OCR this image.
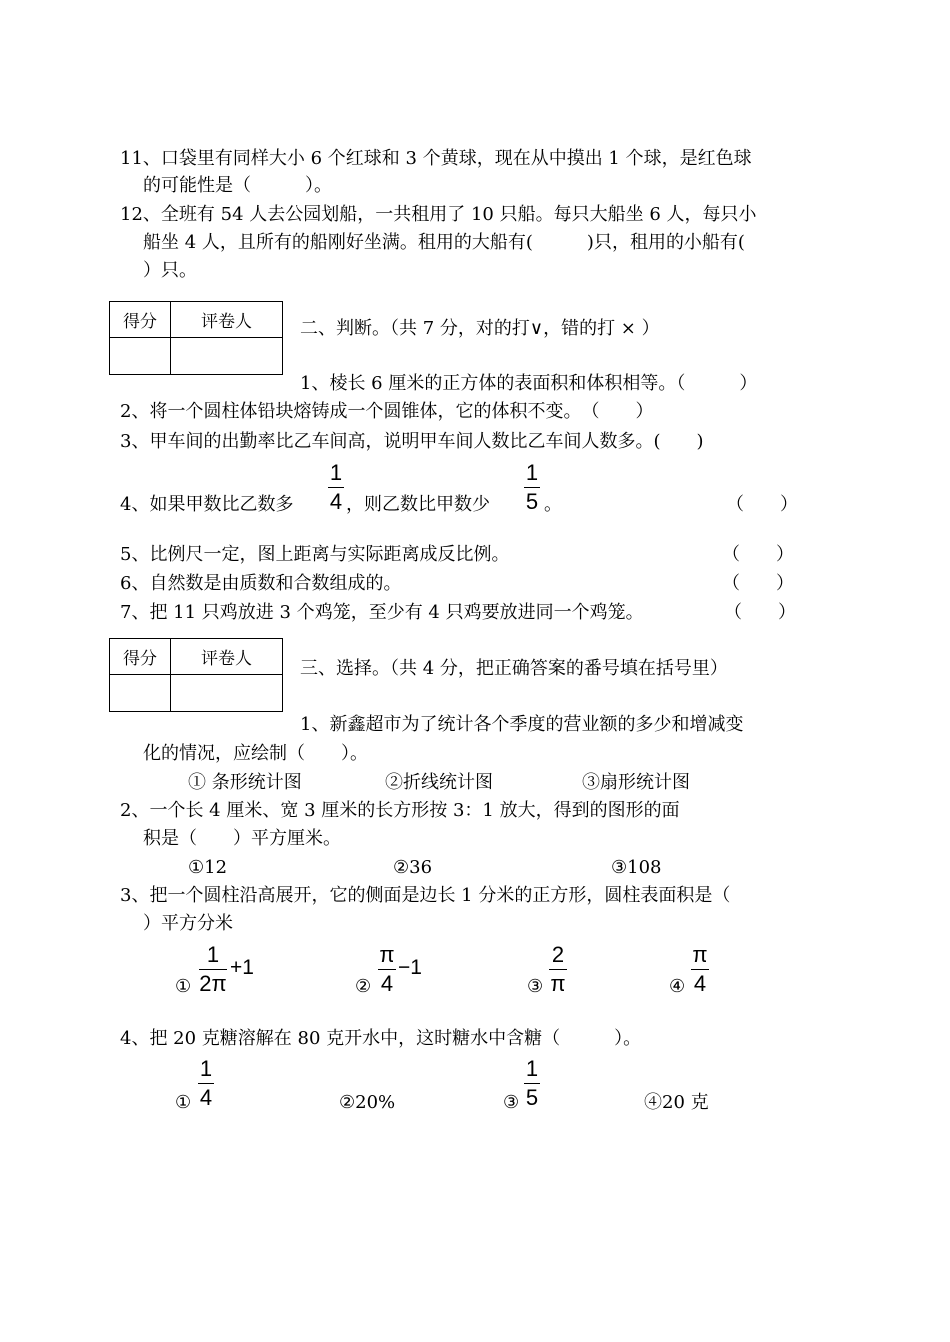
11、口袋里有同样大小 6 个红球和 3 个黄球，现在从中摸出 1 个球，是红色球
的可能性是（　　　）。
12、全班有 54 人去公园划船，一共租用了 10 只船。每只大船坐 6 人，每只小
船坐 4 人，且所有的船刚好坐满。租用的大船有(　　　)只，租用的小船有(
）只。
得分	评卷人
		二、判断。（共 7 分，对的打∨，错的打 × ）
1、棱长 6 厘米的正方体的表面积和体积相等。（　　　）
2、将一个圆柱体铅块熔铸成一个圆锥体，它的体积不变。　（　　）
3、甲车间的出勤率比乙车间高，说明甲车间人数比乙车间人数多。(　　)
4、如果甲数比乙数多
1
4 ，则乙数比甲数少
1
5 。	（　　）
5、比例尺一定，图上距离与实际距离成反比例。	（　　）
6、自然数是由质数和合数组成的。	（　　）
7、把 11 只鸡放进 3 个鸡笼，至少有 4 只鸡要放进同一个鸡笼。	（　　）
得分	评卷人
		三、选择。（共 4 分，把正确答案的番号填在括号里）
1、新鑫超市为了统计各个季度的营业额的多少和增减变
化的情况，应绘制（　　）。
① 条形统计图	②折线统计图	③扇形统计图
2、一个长 4 厘米、宽 3 厘米的长方形按 3：1 放大，得到的图形的面
积是（　　）平方厘米。
①12	②36	③108
3、把一个圆柱沿高展开，它的侧面是边长 1 分米的正方形，圆柱表面积是（
）平方分米
①
1
2π
+1
②
π
4
−1
③
2
π	④
π
4
4、把 20 克糖溶解在 80 克开水中，这时糖水中含糖（　　　）。
①
1
4	②20%	③
1
5	④20 克
